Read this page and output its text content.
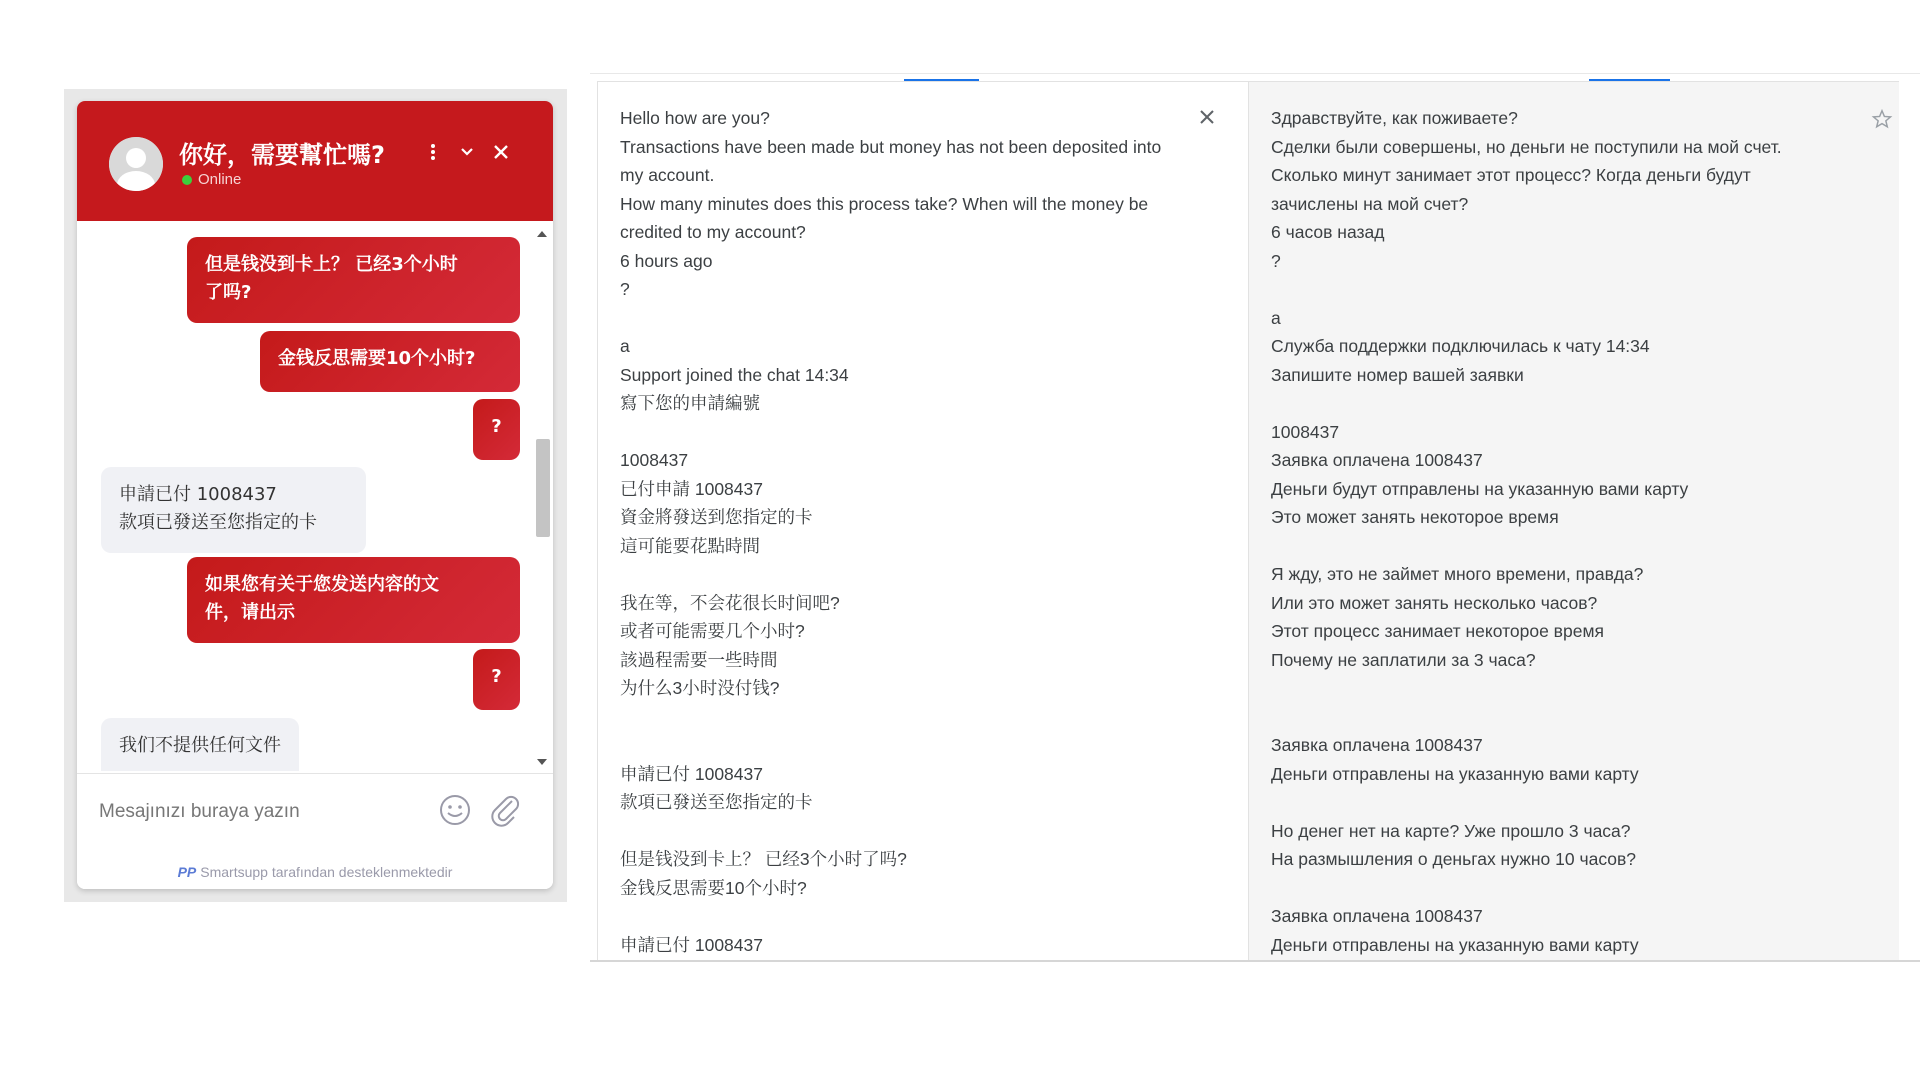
你好，需要幫忙嗎?
Online
但是钱没到卡上？ 已经3个小时
了吗?
金钱反思需要10个小时?
?
申請已付 1008437
款項已發送至您指定的卡
如果您有关于您发送内容的文
件，请出示
?
我们不提供任何文件
Mesajınızı buraya yazın
PP Smartsupp tarafından desteklenmektedir
Hello how are you?
Transactions have been made but money has not been deposited into
my account.
How many minutes does this process take? When will the money be
credited to my account?
6 hours ago
?

a
Support joined the chat 14:34
寫下您的申請編號

1008437
已付申請 1008437
資金將發送到您指定的卡
這可能要花點時間

我在等，不会花很长时间吧?
或者可能需要几个小时?
該過程需要一些時間
为什么3小时没付钱?

申請已付 1008437
款項已發送至您指定的卡

但是钱没到卡上？ 已经3个小时了吗?
金钱反思需要10个小时?

申請已付 1008437
Здравствуйте, как поживаете?
Сделки были совершены, но деньги не поступили на мой счет.
Сколько минут занимает этот процесс? Когда деньги будут
зачислены на мой счет?
6 часов назад
?

а
Служба поддержки подключилась к чату 14:34
Запишите номер вашей заявки

1008437
Заявка оплачена 1008437
Деньги будут отправлены на указанную вами карту
Это может занять некоторое время

Я жду, это не займет много времени, правда?
Или это может занять несколько часов?
Этот процесс занимает некоторое время
Почему не заплатили за 3 часа?

Заявка оплачена 1008437
Деньги отправлены на указанную вами карту

Но денег нет на карте? Уже прошло 3 часа?
На размышления о деньгах нужно 10 часов?

Заявка оплачена 1008437
Деньги отправлены на указанную вами карту
